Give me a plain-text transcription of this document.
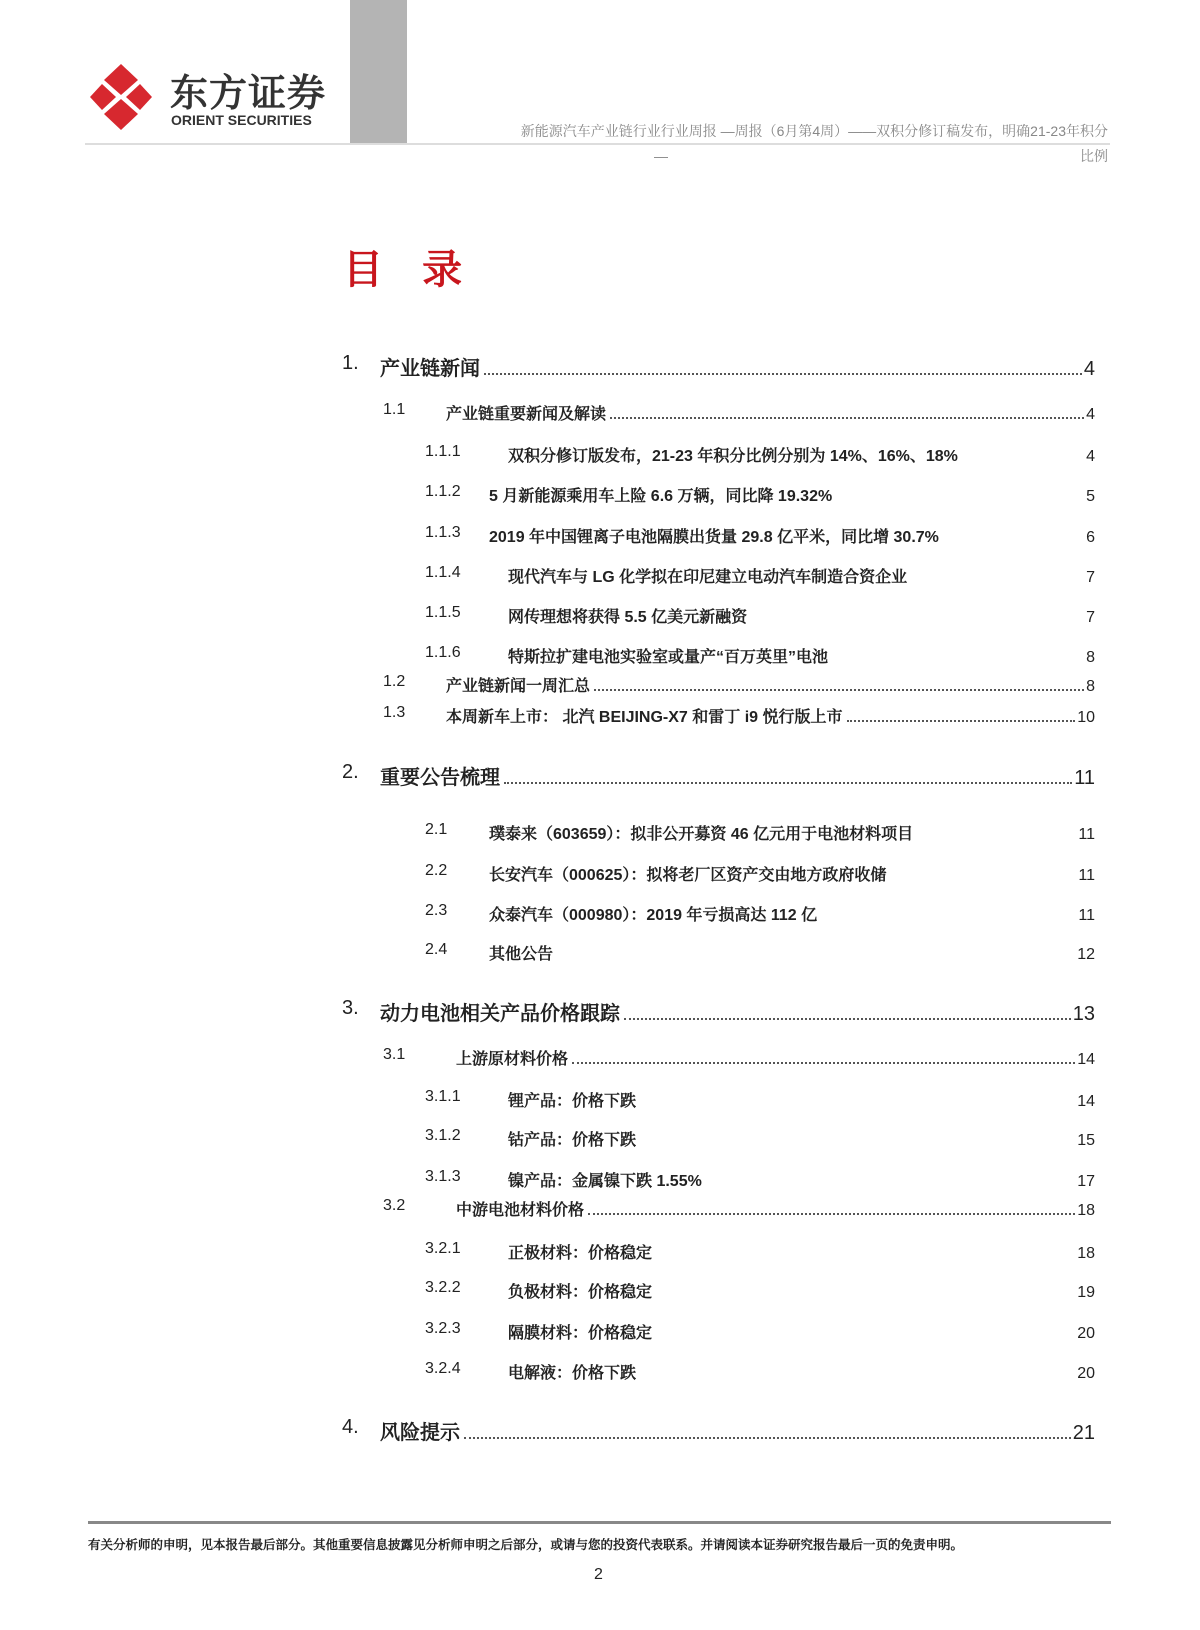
东方证券
ORIENT SECURITIES
新能源汽车产业链行业行业周报 —周报（6月第4周）——双积分修订稿发布，明确21-23年积分
—	比例
目 录
1. 产业链新闻	4
1.1	产业链重要新闻及解读	4
1.1.1	双积分修订版发布，21-23 年积分比例分别为 14%、16%、18%	4
1.1.2 5 月新能源乘用车上险 6.6 万辆，同比降 19.32%	5
1.1.3 2019 年中国锂离子电池隔膜出货量 29.8 亿平米，同比增 30.7%	6
1.1.4	现代汽车与 LG 化学拟在印尼建立电动汽车制造合资企业	7
1.1.5	网传理想将获得 5.5 亿美元新融资	7
1.1.6	特斯拉扩建电池实验室或量产“百万英里”电池	8
1.2	产业链新闻一周汇总	8
1.3	本周新车上市： 北汽 BEIJING-X7 和雷丁 i9 悦行版上市	10
2. 重要公告梳理	11
2.1	璞泰来（603659）：拟非公开募资 46 亿元用于电池材料项目	11
2.2	长安汽车（000625）：拟将老厂区资产交由地方政府收储	11
2.3	众泰汽车（000980）：2019 年亏损高达 112 亿	11
2.4	其他公告	12
3. 动力电池相关产品价格跟踪	13
3.1	上游原材料价格	14
3.1.1	锂产品：价格下跌	14
3.1.2	钴产品：价格下跌	15
3.1.3	镍产品：金属镍下跌 1.55%	17
3.2	中游电池材料价格	18
3.2.1	正极材料：价格稳定	18
3.2.2	负极材料：价格稳定	19
3.2.3	隔膜材料：价格稳定	20
3.2.4	电解液：价格下跌	20
4. 风险提示	21
有关分析师的申明，见本报告最后部分。其他重要信息披露见分析师申明之后部分，或请与您的投资代表联系。并请阅读本证券研究报告最后一页的免责申明。
2
